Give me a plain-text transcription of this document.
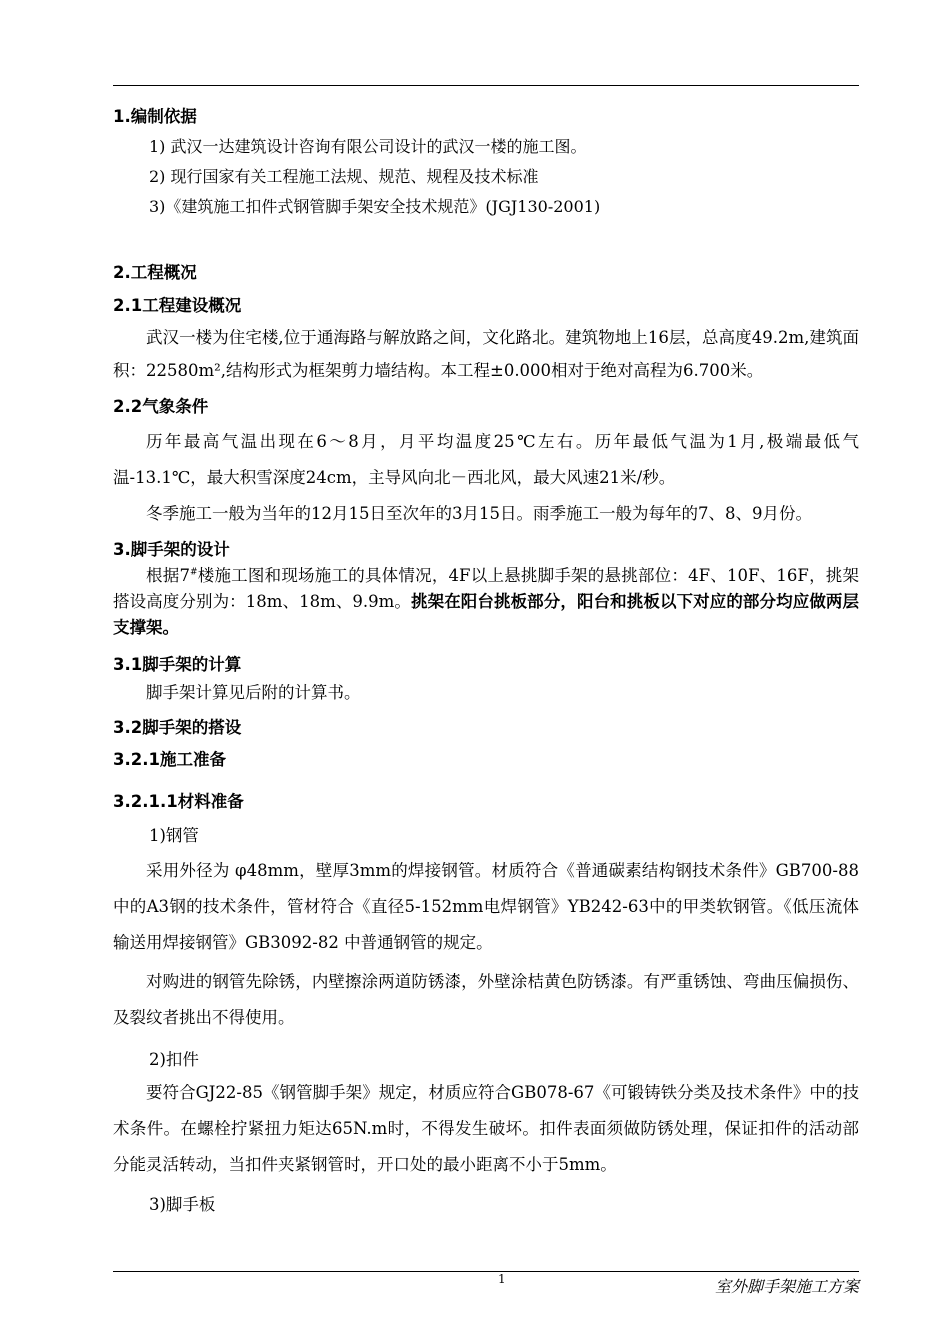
1.编制依据
1) 武汉一达建筑设计咨询有限公司设计的武汉一楼的施工图。
2) 现行国家有关工程施工法规、规范、规程及技术标准
3)《建筑施工扣件式钢管脚手架安全技术规范》(JGJ130-2001)
2.工程概况
2.1工程建设概况
武汉一楼为住宅楼,位于通海路与解放路之间，文化路北。建筑物地上16层，总高度49.2m,建筑面积：22580m²,结构形式为框架剪力墙结构。本工程±0.000相对于绝对高程为6.700米。
2.2气象条件
历年最高气温出现在6～8月，月平均温度25℃左右。历年最低气温为1月,极端最低气温-13.1℃，最大积雪深度24cm，主导风向北－西北风，最大风速21米/秒。
冬季施工一般为当年的12月15日至次年的3月15日。雨季施工一般为每年的7、8、9月份。
3.脚手架的设计
根据7#楼施工图和现场施工的具体情况，4F以上悬挑脚手架的悬挑部位：4F、10F、16F，挑架搭设高度分别为：18m、18m、9.9m。挑架在阳台挑板部分，阳台和挑板以下对应的部分均应做两层支撑架。
3.1脚手架的计算
脚手架计算见后附的计算书。
3.2脚手架的搭设
3.2.1施工准备
3.2.1.1材料准备
1)钢管
采用外径为 φ48mm，壁厚3mm的焊接钢管。材质符合《普通碳素结构钢技术条件》GB700-88 中的A3钢的技术条件，管材符合《直径5-152mm电焊钢管》YB242-63中的甲类软钢管。《低压流体输送用焊接钢管》GB3092-82 中普通钢管的规定。
对购进的钢管先除锈，内壁擦涂两道防锈漆，外壁涂桔黄色防锈漆。有严重锈蚀、弯曲压偏损伤、及裂纹者挑出不得使用。
2)扣件
要符合GJ22-85《钢管脚手架》规定，材质应符合GB078-67《可锻铸铁分类及技术条件》中的技术条件。在螺栓拧紧扭力矩达65N.m时，不得发生破坏。扣件表面须做防锈处理，保证扣件的活动部分能灵活转动，当扣件夹紧钢管时，开口处的最小距离不小于5mm。
3)脚手板
1	室外脚手架施工方案
